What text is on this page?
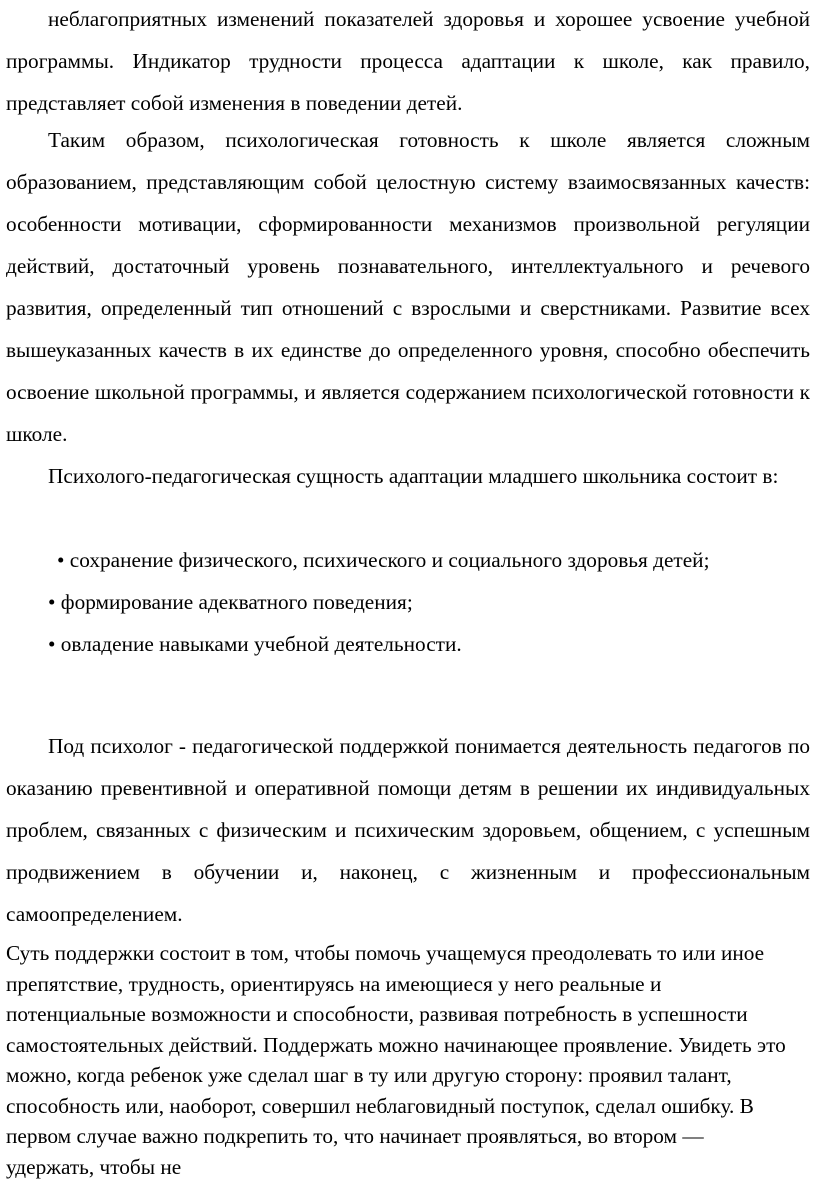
неблагоприятных изменений показателей здоровья и хорошее усвоение учебной программы. Индикатор трудности процесса адаптации к школе, как правило, представляет собой изменения в поведении детей.

Таким образом, психологическая готовность к школе является сложным образованием, представляющим собой целостную систему взаимосвязанных качеств: особенности мотивации, сформированности механизмов произвольной регуляции действий, достаточный уровень познавательного, интеллектуального и речевого развития, определенный тип отношений с взрослыми и сверстниками. Развитие всех вышеуказанных качеств в их единстве до определенного уровня, способно обеспечить освоение школьной программы, и является содержанием психологической готовности к школе.

Психолого-педагогическая сущность адаптации младшего школьника состоит в:

• сохранение физического, психического и социального здоровья детей;
• формирование адекватного поведения;
• овладение навыками учебной деятельности.

Под психолог - педагогической поддержкой понимается деятельность педагогов по оказанию превентивной и оперативной помощи детям в решении их индивидуальных проблем, связанных с физическим и психическим здоровьем, общением, с успешным продвижением в обучении и, наконец, с жизненным и профессиональным самоопределением.

Суть поддержки состоит в том, чтобы помочь учащемуся преодолевать то или иное препятствие, трудность, ориентируясь на имеющиеся у него реальные и потенциальные возможности и способности, развивая потребность в успешности самостоятельных действий. Поддержать можно начинающее проявление. Увидеть это можно, когда ребенок уже сделал шаг в ту или другую сторону: проявил талант, способность или, наоборот, совершил неблаговидный поступок, сделал ошибку. В первом случае важно подкрепить то, что начинает проявляться, во втором — удержать, чтобы не
